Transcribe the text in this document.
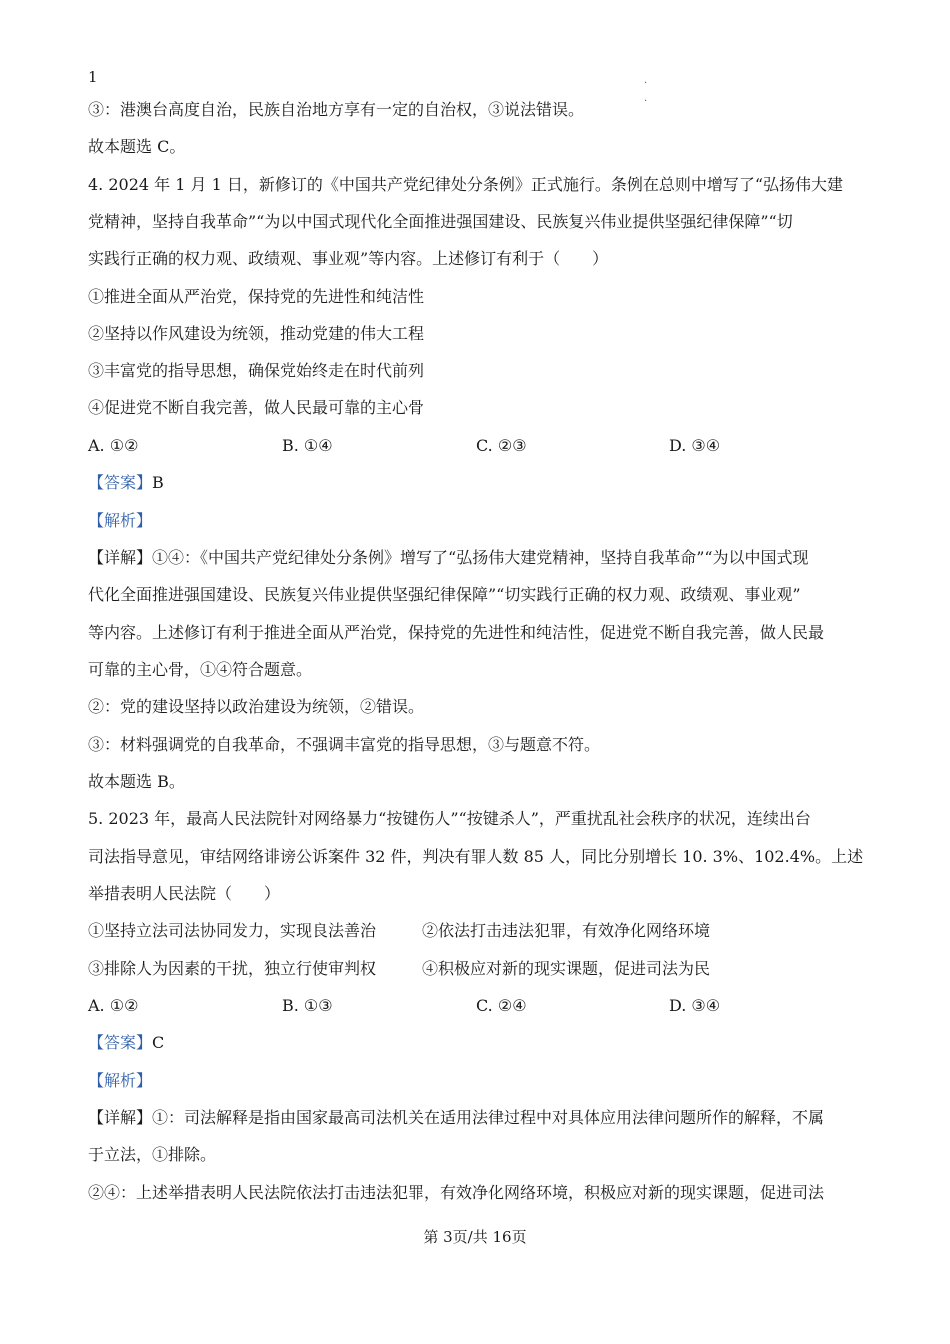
1	.
.
③：港澳台高度自治，民族自治地方享有一定的自治权，③说法错误。
故本题选 C。
4. 2024 年 1 月 1 日，新修订的《中国共产党纪律处分条例》正式施行。条例在总则中增写了“弘扬伟大建
党精神，坚持自我革命”“为以中国式现代化全面推进强国建设、民族复兴伟业提供坚强纪律保障”“切
实践行正确的权力观、政绩观、事业观”等内容。上述修订有利于（　　）
①推进全面从严治党，保持党的先进性和纯洁性
②坚持以作风建设为统领，推动党建的伟大工程
③丰富党的指导思想，确保党始终走在时代前列
④促进党不断自我完善，做人民最可靠的主心骨
A. ①②	B. ①④	C. ②③	D. ③④
【答案】B
【解析】
【详解】①④：《中国共产党纪律处分条例》增写了“弘扬伟大建党精神，坚持自我革命”“为以中国式现
代化全面推进强国建设、民族复兴伟业提供坚强纪律保障”“切实践行正确的权力观、政绩观、事业观”
等内容。上述修订有利于推进全面从严治党，保持党的先进性和纯洁性，促进党不断自我完善，做人民最
可靠的主心骨，①④符合题意。
②：党的建设坚持以政治建设为统领，②错误。
③：材料强调党的自我革命，不强调丰富党的指导思想，③与题意不符。
故本题选 B。
5. 2023 年，最高人民法院针对网络暴力“按键伤人”“按键杀人”，严重扰乱社会秩序的状况，连续出台
司法指导意见，审结网络诽谤公诉案件 32 件，判决有罪人数 85 人，同比分别增长 10. 3%、102.4%。上述
举措表明人民法院（　　）
①坚持立法司法协同发力，实现良法善治	②依法打击违法犯罪，有效净化网络环境
③排除人为因素的干扰，独立行使审判权	④积极应对新的现实课题，促进司法为民
A. ①②	B. ①③	C. ②④	D. ③④
【答案】C
【解析】
【详解】①：司法解释是指由国家最高司法机关在适用法律过程中对具体应用法律问题所作的解释，不属
于立法，①排除。
②④：上述举措表明人民法院依法打击违法犯罪，有效净化网络环境，积极应对新的现实课题，促进司法
第 3页/共 16页
